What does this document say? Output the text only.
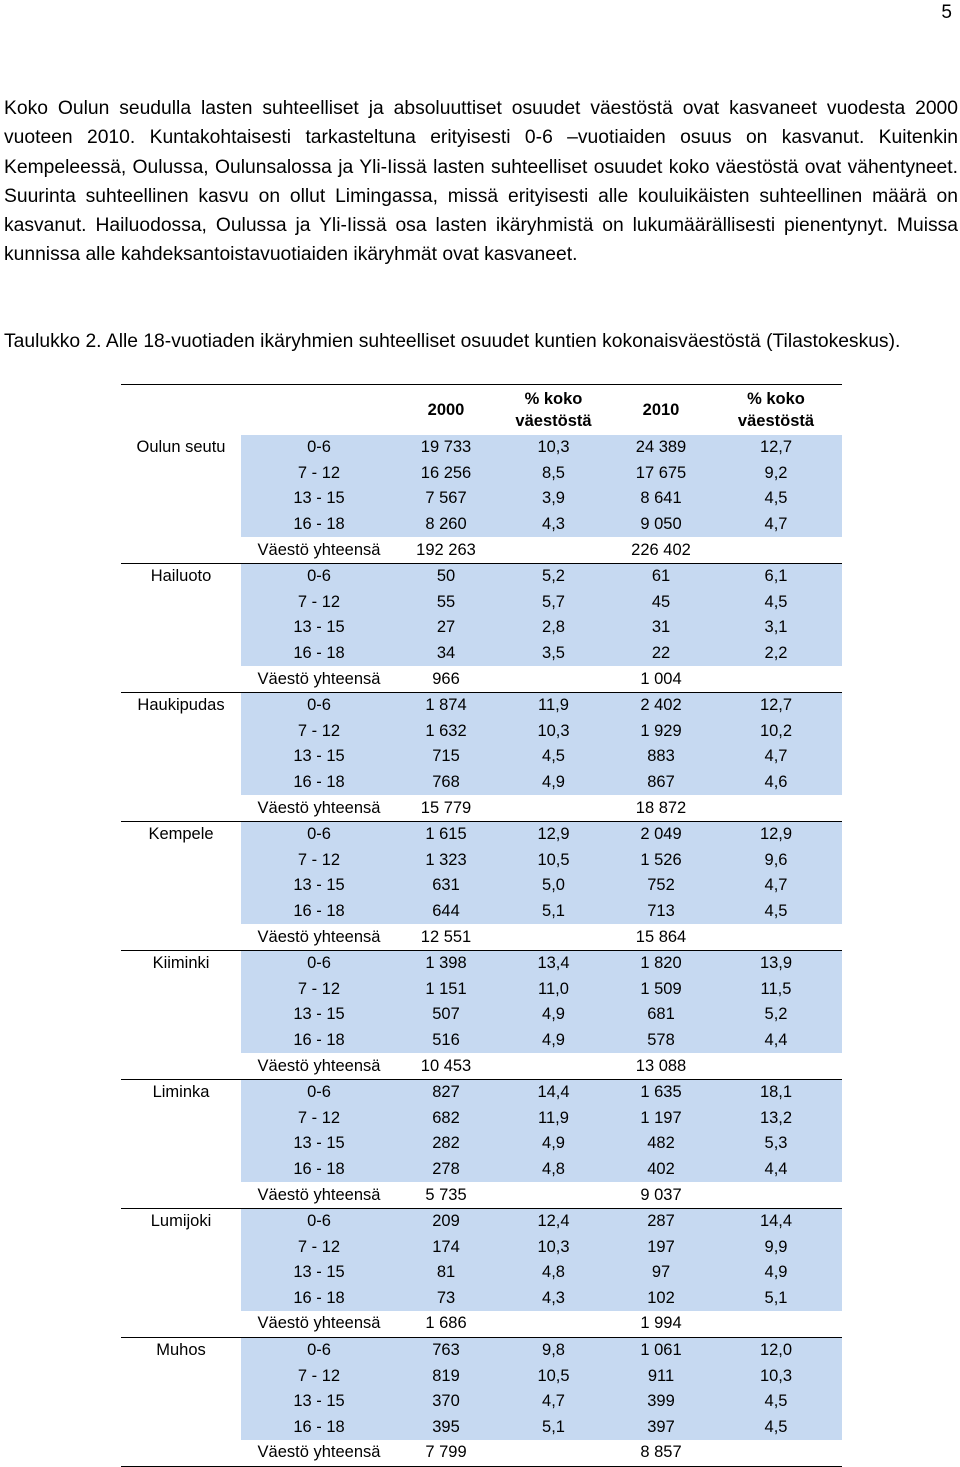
5

Koko Oulun seudulla lasten suhteelliset ja absoluuttiset osuudet väestöstä ovat kasvaneet vuodesta 2000 vuoteen 2010. Kuntakohtaisesti tarkasteltuna erityisesti 0-6 –vuotiaiden osuus on kasvanut. Kuitenkin Kempeleessä, Oulussa, Oulunsalossa ja Yli-Iissä lasten suhteelliset osuudet koko väestöstä ovat vähentyneet. Suurinta suhteellinen kasvu on ollut Limingassa, missä erityisesti alle kouluikäisten suhteellinen määrä on kasvanut. Hailuodossa, Oulussa ja Yli-Iissä osa lasten ikäryhmistä on lukumäärällisesti pienentynyt. Muissa kunnissa alle kahdeksantoistavuotiaiden ikäryhmät ovat kasvaneet.

Taulukko 2. Alle 18-vuotiaden ikäryhmien suhteelliset osuudet kuntien kokonaisväestöstä (Tilastokeskus).

		2000	% koko väestöstä	2010	% koko väestöstä
Oulun seutu	0-6	19 733	10,3	24 389	12,7
	7 - 12	16 256	8,5	17 675	9,2
	13 - 15	7 567	3,9	8 641	4,5
	16 - 18	8 260	4,3	9 050	4,7
	Väestö yhteensä	192 263		226 402	
Hailuoto	0-6	50	5,2	61	6,1
	7 - 12	55	5,7	45	4,5
	13 - 15	27	2,8	31	3,1
	16 - 18	34	3,5	22	2,2
	Väestö yhteensä	966		1 004	
Haukipudas	0-6	1 874	11,9	2 402	12,7
	7 - 12	1 632	10,3	1 929	10,2
	13 - 15	715	4,5	883	4,7
	16 - 18	768	4,9	867	4,6
	Väestö yhteensä	15 779		18 872	
Kempele	0-6	1 615	12,9	2 049	12,9
	7 - 12	1 323	10,5	1 526	9,6
	13 - 15	631	5,0	752	4,7
	16 - 18	644	5,1	713	4,5
	Väestö yhteensä	12 551		15 864	
Kiiminki	0-6	1 398	13,4	1 820	13,9
	7 - 12	1 151	11,0	1 509	11,5
	13 - 15	507	4,9	681	5,2
	16 - 18	516	4,9	578	4,4
	Väestö yhteensä	10 453		13 088	
Liminka	0-6	827	14,4	1 635	18,1
	7 - 12	682	11,9	1 197	13,2
	13 - 15	282	4,9	482	5,3
	16 - 18	278	4,8	402	4,4
	Väestö yhteensä	5 735		9 037	
Lumijoki	0-6	209	12,4	287	14,4
	7 - 12	174	10,3	197	9,9
	13 - 15	81	4,8	97	4,9
	16 - 18	73	4,3	102	5,1
	Väestö yhteensä	1 686		1 994	
Muhos	0-6	763	9,8	1 061	12,0
	7 - 12	819	10,5	911	10,3
	13 - 15	370	4,7	399	4,5
	16 - 18	395	5,1	397	4,5
	Väestö yhteensä	7 799		8 857	
